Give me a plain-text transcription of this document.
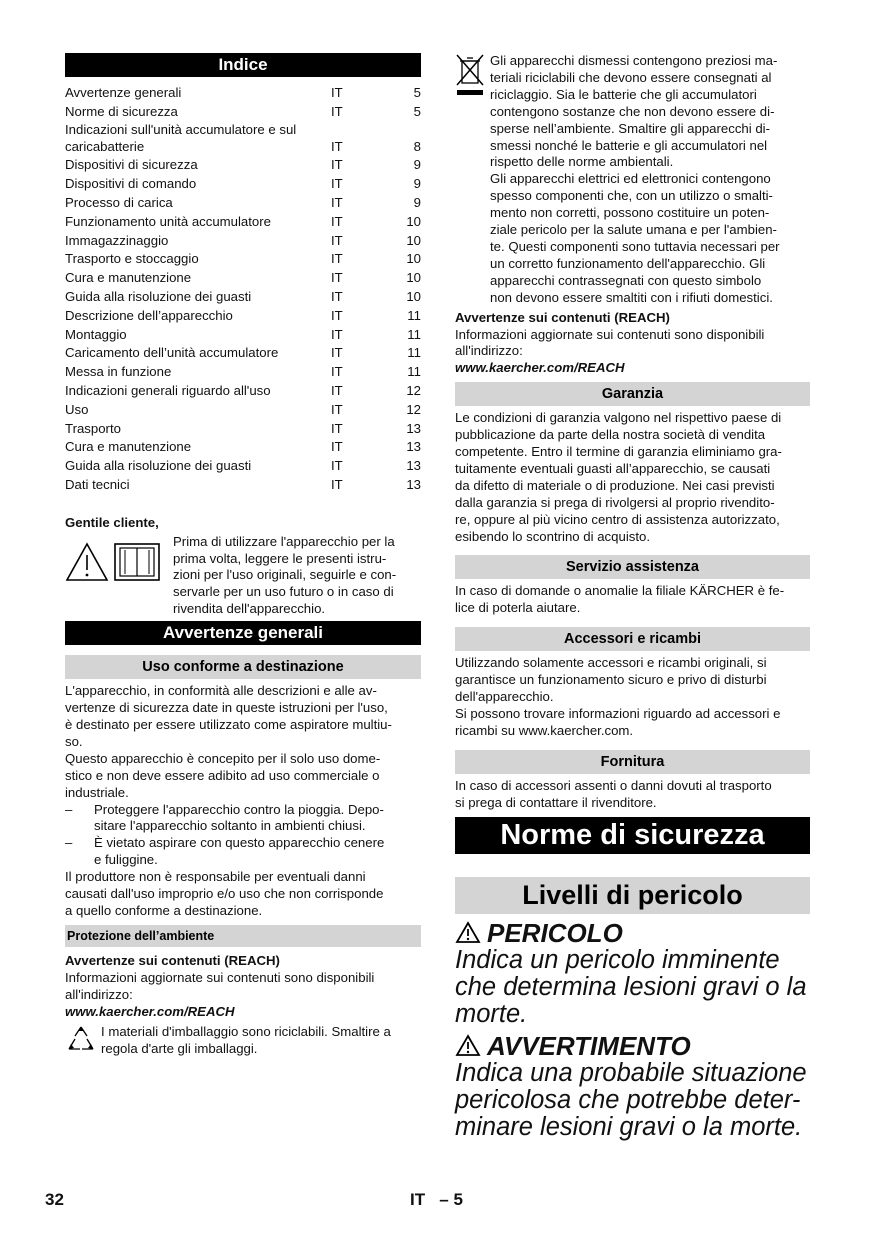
Indice
Avvertenze generali	IT	5
Norme di sicurezza	IT	5
Indicazioni sull'unità accumulatore e sul
caricabatterie	IT	8
Dispositivi di sicurezza	IT	9
Dispositivi di comando	IT	9
Processo di carica	IT	9
Funzionamento unità accumulatore	IT	10
Immagazzinaggio	IT	10
Trasporto e stoccaggio	IT	10
Cura e manutenzione	IT	10
Guida alla risoluzione dei guasti	IT	10
Descrizione dell’apparecchio	IT	11
Montaggio	IT	11
Caricamento dell’unità accumulatore	IT	11
Messa in funzione	IT	11
Indicazioni generali riguardo all'uso	IT	12
Uso	IT	12
Trasporto	IT	13
Cura e manutenzione	IT	13
Guida alla risoluzione dei guasti	IT	13
Dati tecnici	IT	13

Gentile cliente,

Prima di utilizzare l'apparecchio per la
prima volta, leggere le presenti istru-
zioni per l'uso originali, seguirle e con-
servarle per un uso futuro o in caso di
rivendita dell'apparecchio.
Avvertenze generali
Uso conforme a destinazione
L'apparecchio, in conformità alle descrizioni e alle av-
vertenze di sicurezza date in queste istruzioni per l'uso,
è destinato per essere utilizzato come aspiratore multiu-
so.
Questo apparecchio è concepito per il solo uso dome-
stico e non deve essere adibito ad uso commerciale o
industriale.
–	Proteggere l'apparecchio contro la pioggia. Depo-
sitare l'apparecchio soltanto in ambienti chiusi.
–	È vietato aspirare con questo apparecchio cenere
e fuliggine.
Il produttore non è responsabile per eventuali danni
causati dall'uso improprio e/o uso che non corrisponde
a quello conforme a destinazione.
Protezione dell’ambiente
Avvertenze sui contenuti (REACH)
Informazioni aggiornate sui contenuti sono disponibili
all'indirizzo:
www.kaercher.com/REACH
I materiali d'imballaggio sono riciclabili. Smaltire a
regola d'arte gli imballaggi.
Gli apparecchi dismessi contengono preziosi ma-
teriali riciclabili che devono essere consegnati al
riciclaggio. Sia le batterie che gli accumulatori
contengono sostanze che non devono essere di-
sperse nell’ambiente. Smaltire gli apparecchi di-
smessi nonché le batterie e gli accumulatori nel
rispetto delle norme ambientali.
Gli apparecchi elettrici ed elettronici contengono
spesso componenti che, con un utilizzo o smalti-
mento non corretti, possono costituire un poten-
ziale pericolo per la salute umana e per l'ambien-
te. Questi componenti sono tuttavia necessari per
un corretto funzionamento dell'apparecchio. Gli
apparecchi contrassegnati con questo simbolo
non devono essere smaltiti con i rifiuti domestici.
Avvertenze sui contenuti (REACH)
Informazioni aggiornate sui contenuti sono disponibili
all'indirizzo:
www.kaercher.com/REACH
Garanzia
Le condizioni di garanzia valgono nel rispettivo paese di
pubblicazione da parte della nostra società di vendita
competente. Entro il termine di garanzia eliminiamo gra-
tuitamente eventuali guasti all’apparecchio, se causati
da difetto di materiale o di produzione. Nei casi previsti
dalla garanzia si prega di rivolgersi al proprio rivendito-
re, oppure al più vicino centro di assistenza autorizzato,
esibendo lo scontrino di acquisto.
Servizio assistenza
In caso di domande o anomalie la filiale KÄRCHER è fe-
lice di poterla aiutare.
Accessori e ricambi
Utilizzando solamente accessori e ricambi originali, si
garantisce un funzionamento sicuro e privo di disturbi
dell'apparecchio.
Si possono trovare informazioni riguardo ad accessori e
ricambi su www.kaercher.com.
Fornitura
In caso di accessori assenti o danni dovuti al trasporto
si prega di contattare il rivenditore.
Norme di sicurezza
Livelli di pericolo
PERICOLO

Indica un pericolo imminente

che determina lesioni gravi o la

morte.

AVVERTIMENTO

Indica una probabile situazione

pericolosa che potrebbe deter-

minare lesioni gravi o la morte.

32	IT   – 5
